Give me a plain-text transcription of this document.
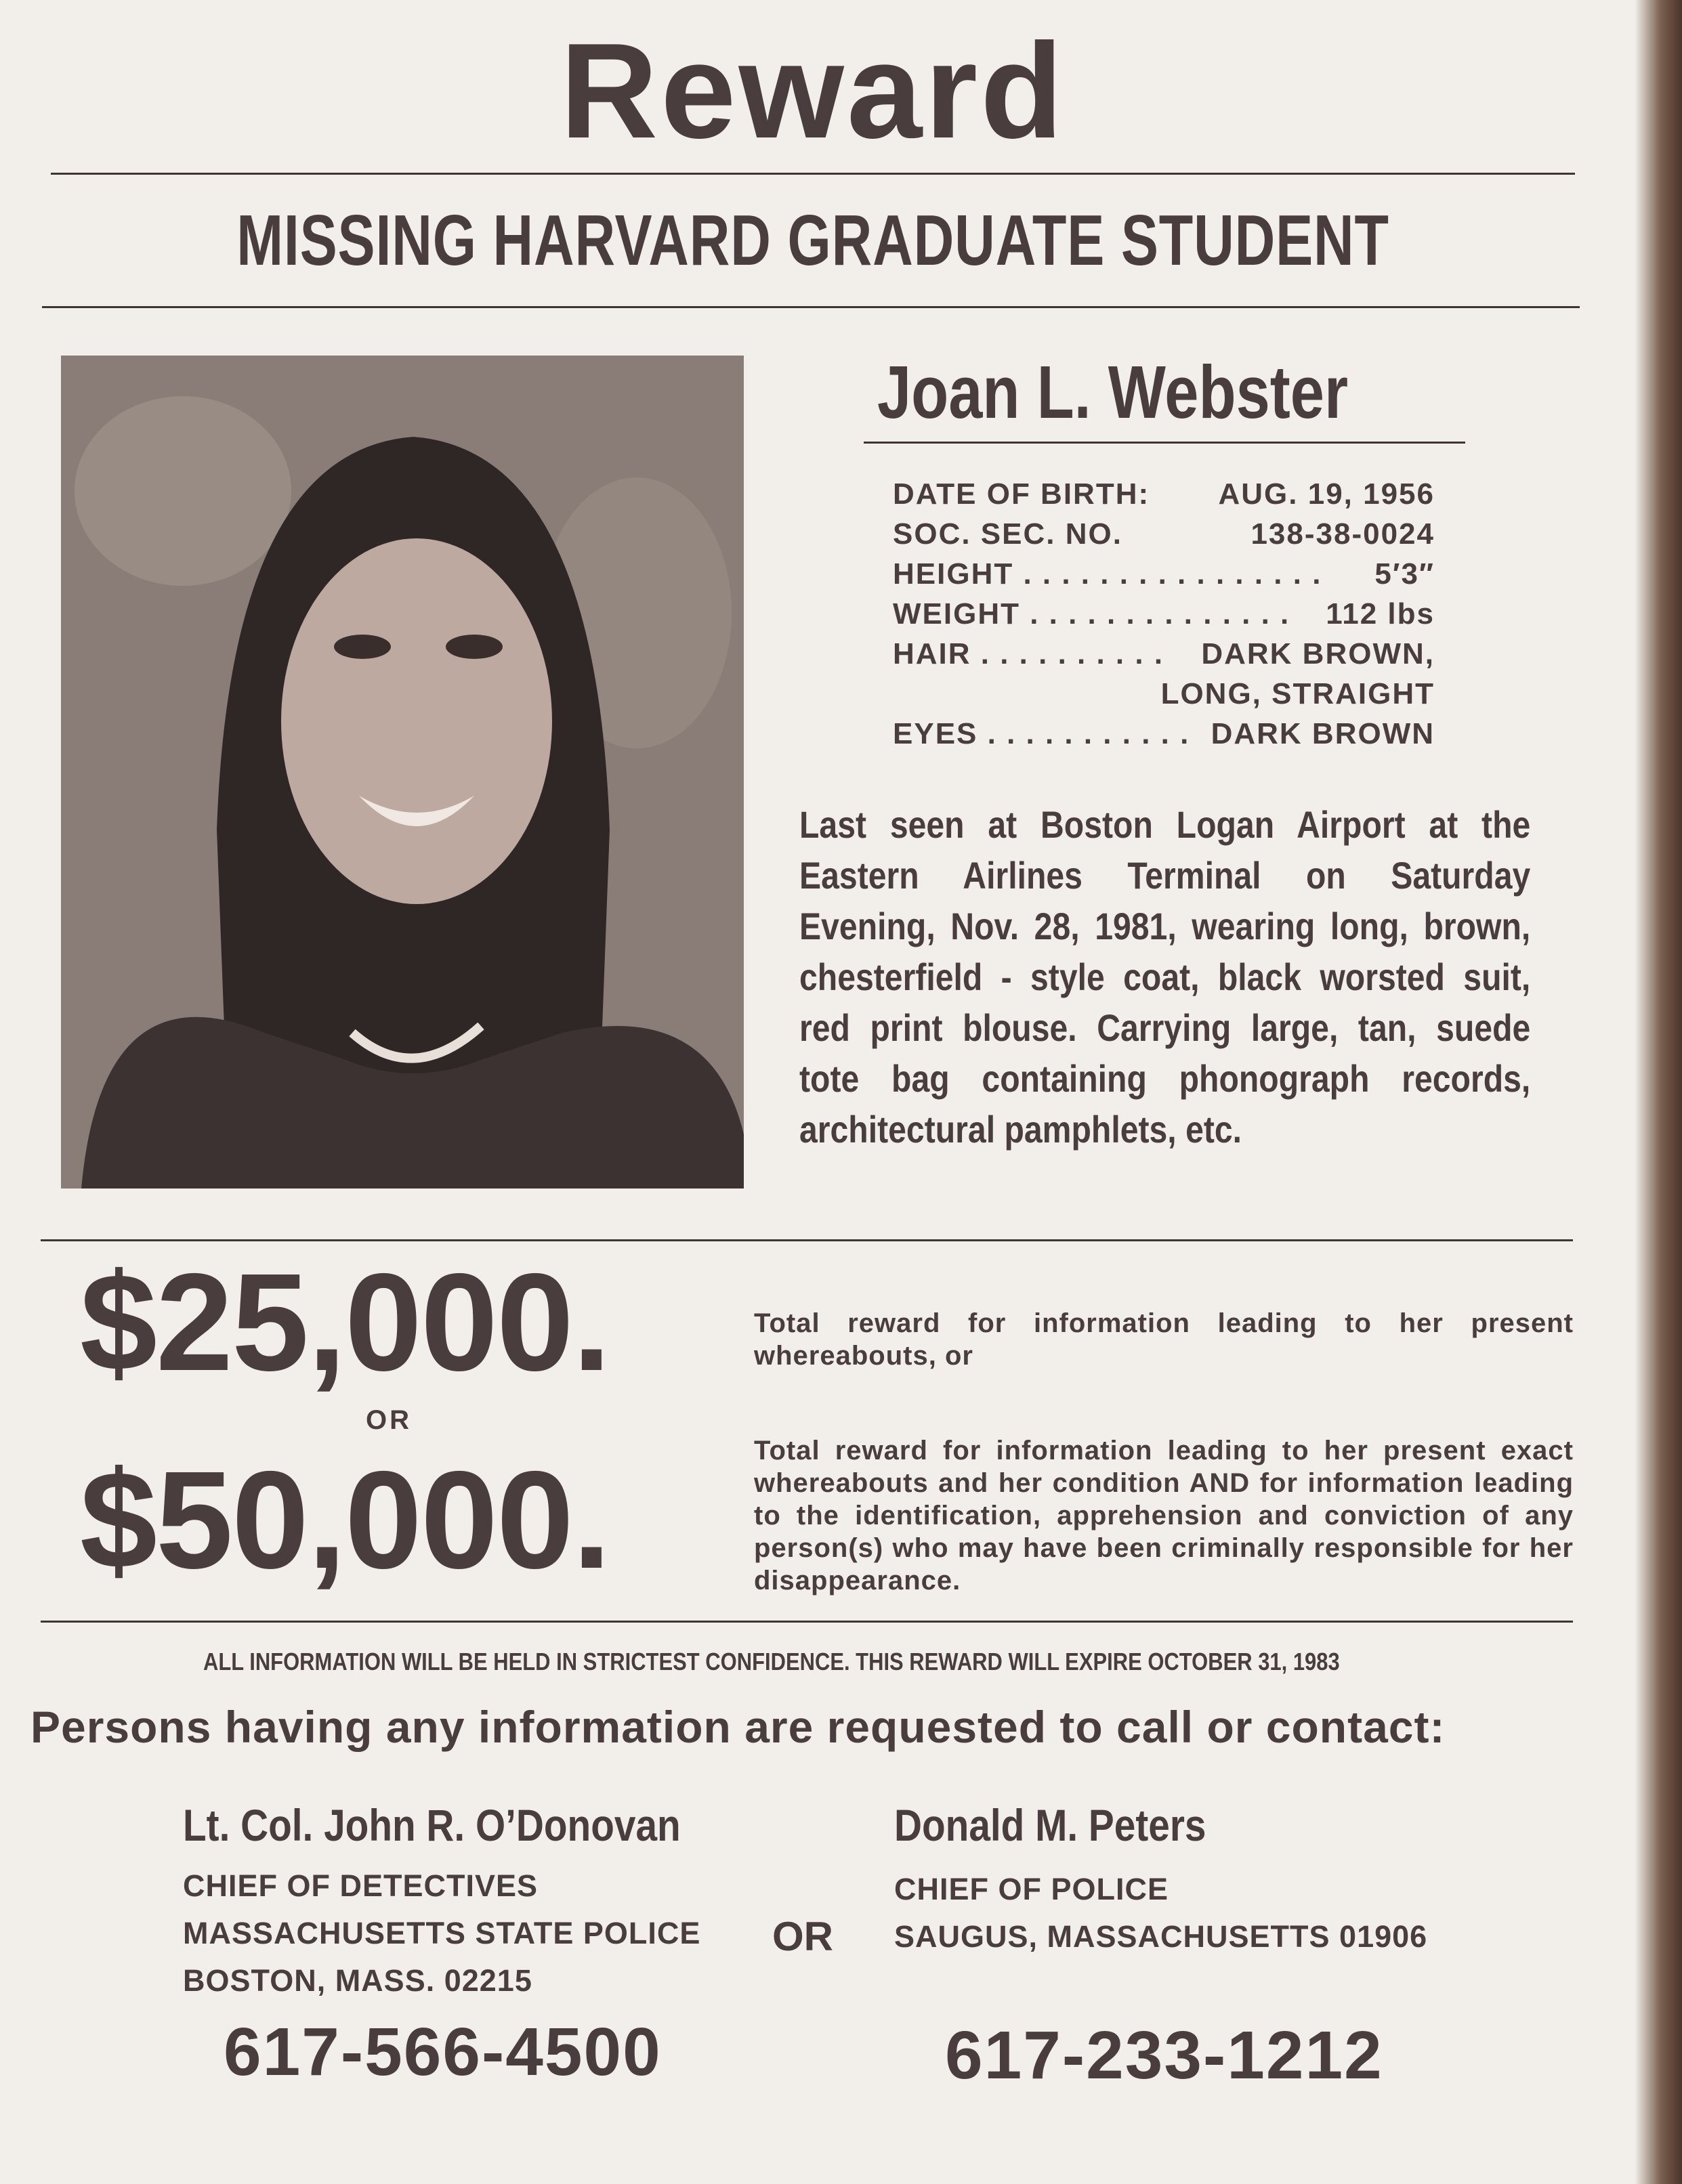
Reward
MISSING HARVARD GRADUATE STUDENT
Joan L. Webster
DATE OF BIRTH: AUG. 19, 1956
SOC. SEC. NO.	138-38-0024
HEIGHT . . . . . . . . . . . . . . . . 5′3″
WEIGHT . . . . . . . . . . . . . . 112 lbs
HAIR . . . . . . . . . . DARK BROWN,
LONG, STRAIGHT
EYES . . . . . . . . . . . DARK BROWN
Last seen at Boston Logan Airport at the Eastern Airlines Terminal on Saturday Evening, Nov. 28, 1981, wearing long, brown, chesterfield - style coat, black worsted suit, red print blouse. Carrying large, tan, suede tote bag containing phonograph records, architectural pamphlets, etc.
$25,000.	Total reward for information leading to her present whereabouts, or
OR
$50,000.	Total reward for information leading to her present exact whereabouts and her condition AND for information leading to the identification, apprehension and conviction of any person(s) who may have been criminally responsible for her disappearance.
ALL INFORMATION WILL BE HELD IN STRICTEST CONFIDENCE. THIS REWARD WILL EXPIRE OCTOBER 31, 1983
Persons having any information are requested to call or contact:
Lt. Col. John R. O’Donovan
CHIEF OF DETECTIVES
MASSACHUSETTS STATE POLICE
BOSTON, MASS. 02215
617-566-4500
OR
Donald M. Peters
CHIEF OF POLICE
SAUGUS, MASSACHUSETTS 01906
617-233-1212
